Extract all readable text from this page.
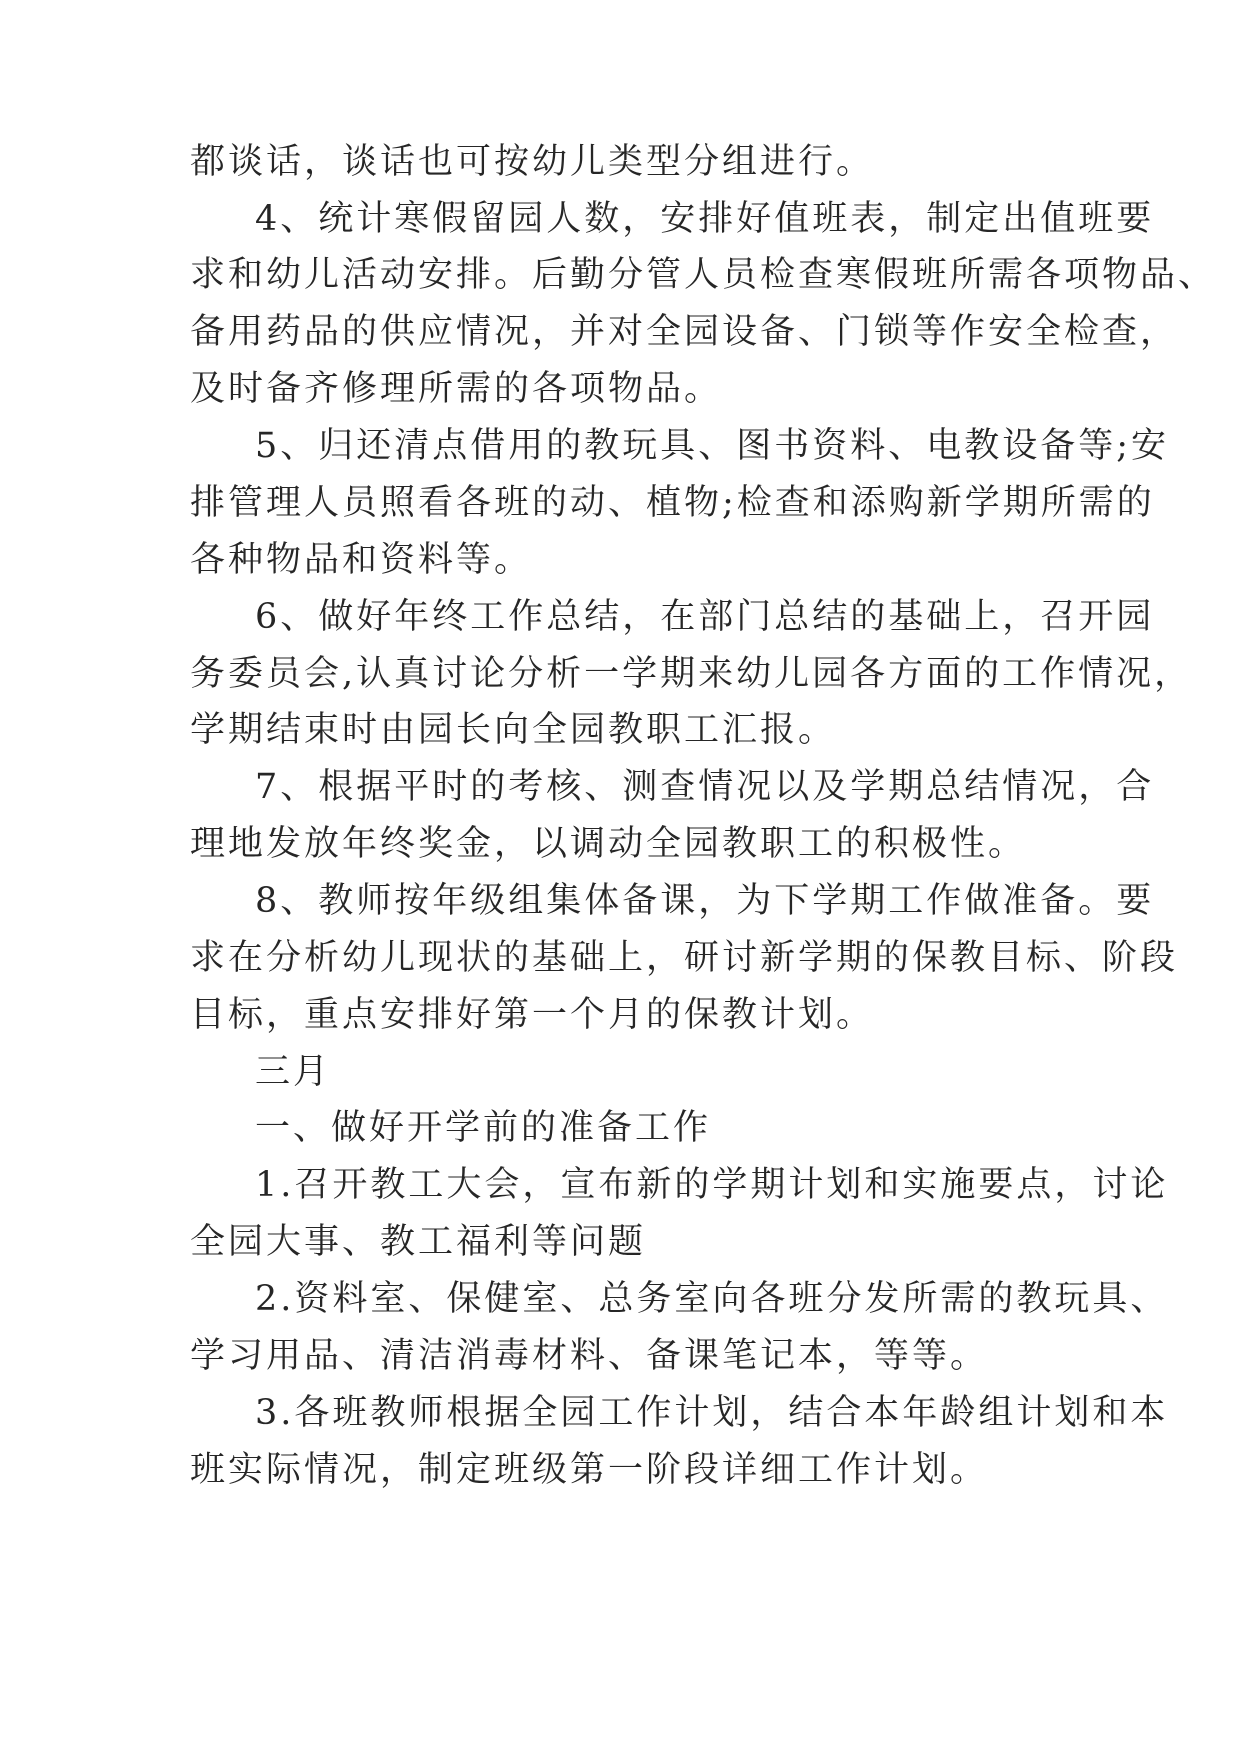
都谈话，谈话也可按幼儿类型分组进行。
4、统计寒假留园人数，安排好值班表，制定出值班要
求和幼儿活动安排。后勤分管人员检查寒假班所需各项物品、
备用药品的供应情况，并对全园设备、门锁等作安全检查，
及时备齐修理所需的各项物品。
5、归还清点借用的教玩具、图书资料、电教设备等;安
排管理人员照看各班的动、植物;检查和添购新学期所需的
各种物品和资料等。
6、做好年终工作总结，在部门总结的基础上，召开园
务委员会,认真讨论分析一学期来幼儿园各方面的工作情况，
学期结束时由园长向全园教职工汇报。
7、根据平时的考核、测查情况以及学期总结情况，合
理地发放年终奖金，以调动全园教职工的积极性。
8、教师按年级组集体备课，为下学期工作做准备。要
求在分析幼儿现状的基础上，研讨新学期的保教目标、阶段
目标，重点安排好第一个月的保教计划。
三月
一、做好开学前的准备工作
1.召开教工大会，宣布新的学期计划和实施要点，讨论
全园大事、教工福利等问题
2.资料室、保健室、总务室向各班分发所需的教玩具、
学习用品、清洁消毒材料、备课笔记本，等等。
3.各班教师根据全园工作计划，结合本年龄组计划和本
班实际情况，制定班级第一阶段详细工作计划。
